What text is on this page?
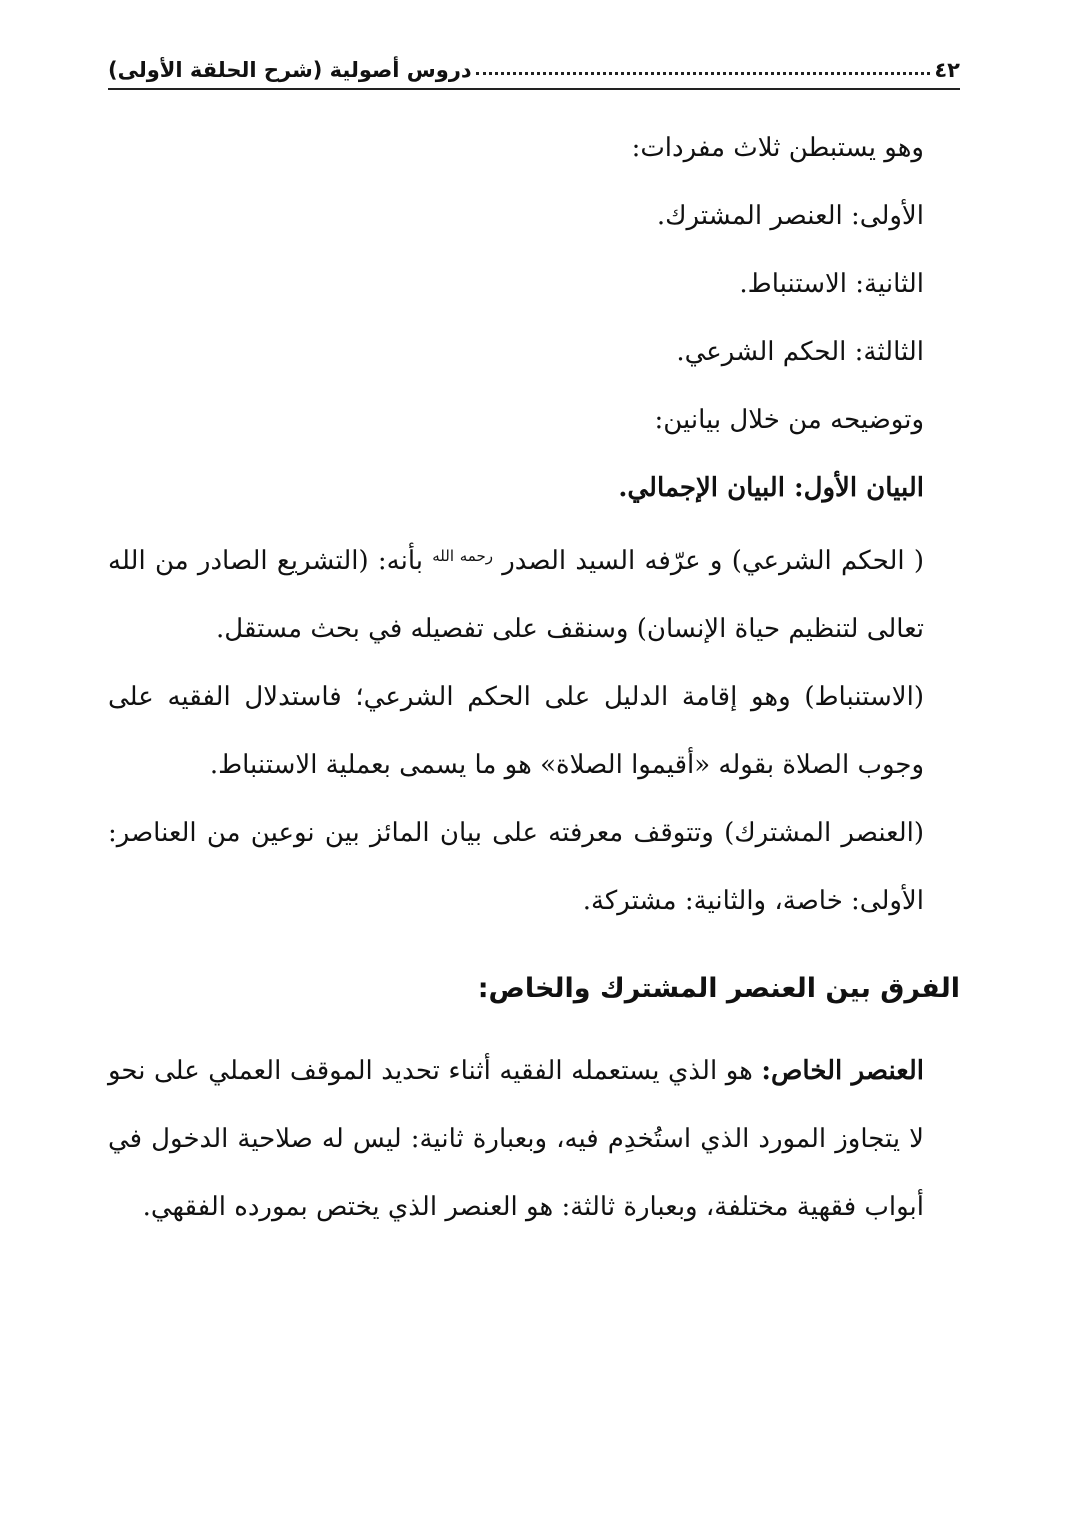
٤٢
دروس أصولية (شرح الحلقة الأولى)

وهو يستبطن ثلاث مفردات:

الأولى: العنصر المشترك.

الثانية: الاستنباط.

الثالثة: الحكم الشرعي.

وتوضيحه من خلال بيانين:

البيان الأول: البيان الإجمالي.

( الحكم الشرعي) و عرّفه السيد الصدر $^{رحمه الله}$ بأنه: (التشريع الصادر من الله تعالى لتنظيم حياة الإنسان) وسنقف على تفصيله في بحث مستقل.

(الاستنباط) وهو إقامة الدليل على الحكم الشرعي؛ فاستدلال الفقيه على وجوب الصلاة بقوله «أقيموا الصلاة» هو ما يسمى بعملية الاستنباط.

(العنصر المشترك) وتتوقف معرفته على بيان المائز بين نوعين من العناصر: الأولى: خاصة، والثانية: مشتركة.

الفرق بين العنصر المشترك والخاص:

العنصر الخاص: هو الذي يستعمله الفقيه أثناء تحديد الموقف العملي على نحو لا يتجاوز المورد الذي استُخدِم فيه، وبعبارة ثانية: ليس له صلاحية الدخول في أبواب فقهية مختلفة، وبعبارة ثالثة: هو العنصر الذي يختص بمورده الفقهي.
